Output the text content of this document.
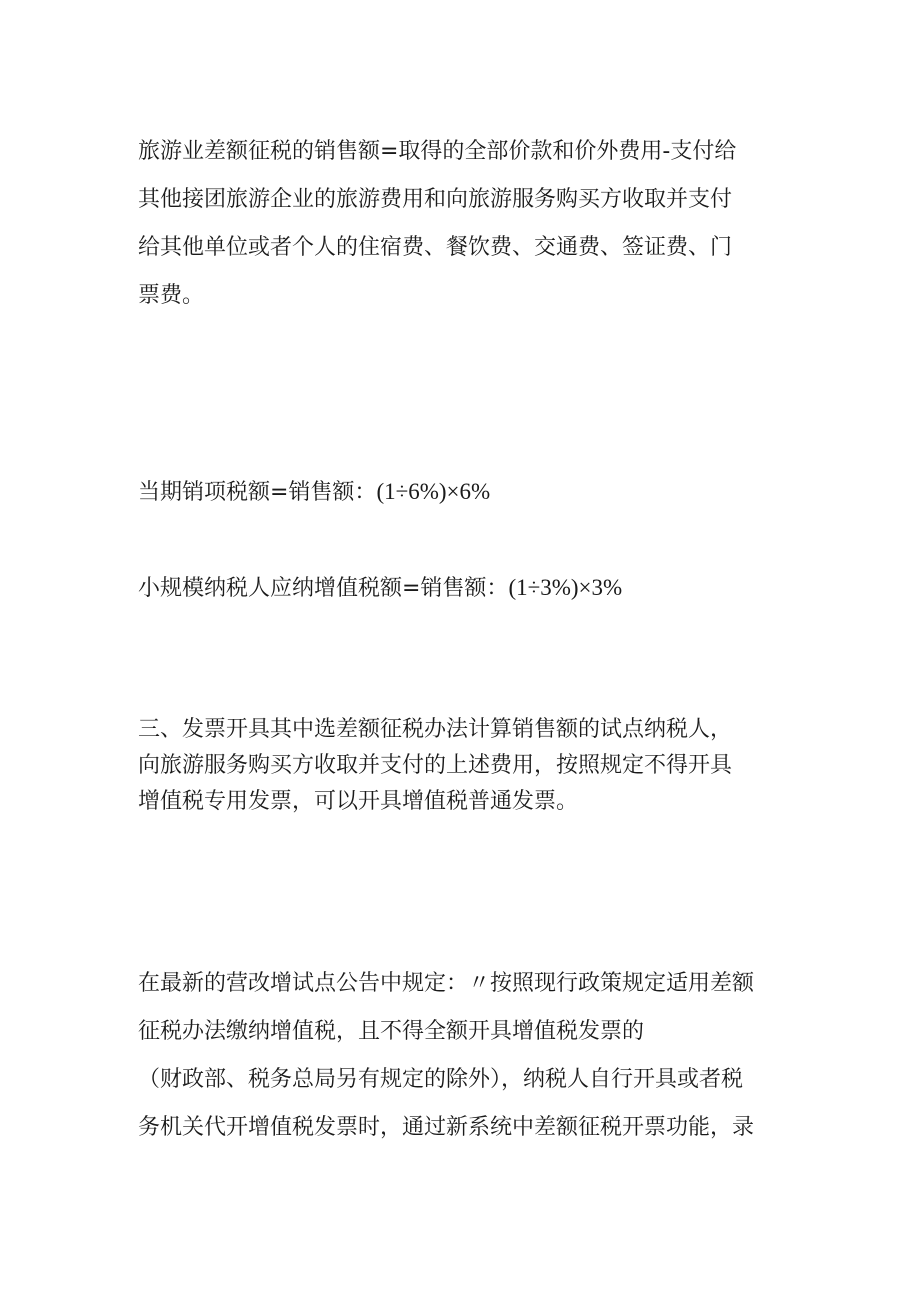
旅游业差额征税的销售额=取得的全部价款和价外费用-支付给
其他接团旅游企业的旅游费用和向旅游服务购买方收取并支付
给其他单位或者个人的住宿费、餐饮费、交通费、签证费、门
票费。

当期销项税额=销售额：(1÷6%)×6%

小规模纳税人应纳增值税额=销售额：(1÷3%)×3%

三、发票开具其中选差额征税办法计算销售额的试点纳税人，
向旅游服务购买方收取并支付的上述费用，按照规定不得开具
增值税专用发票，可以开具增值税普通发票。

在最新的营改增试点公告中规定：〃按照现行政策规定适用差额
征税办法缴纳增值税，且不得全额开具增值税发票的
（财政部、税务总局另有规定的除外），纳税人自行开具或者税
务机关代开增值税发票时，通过新系统中差额征税开票功能，录
